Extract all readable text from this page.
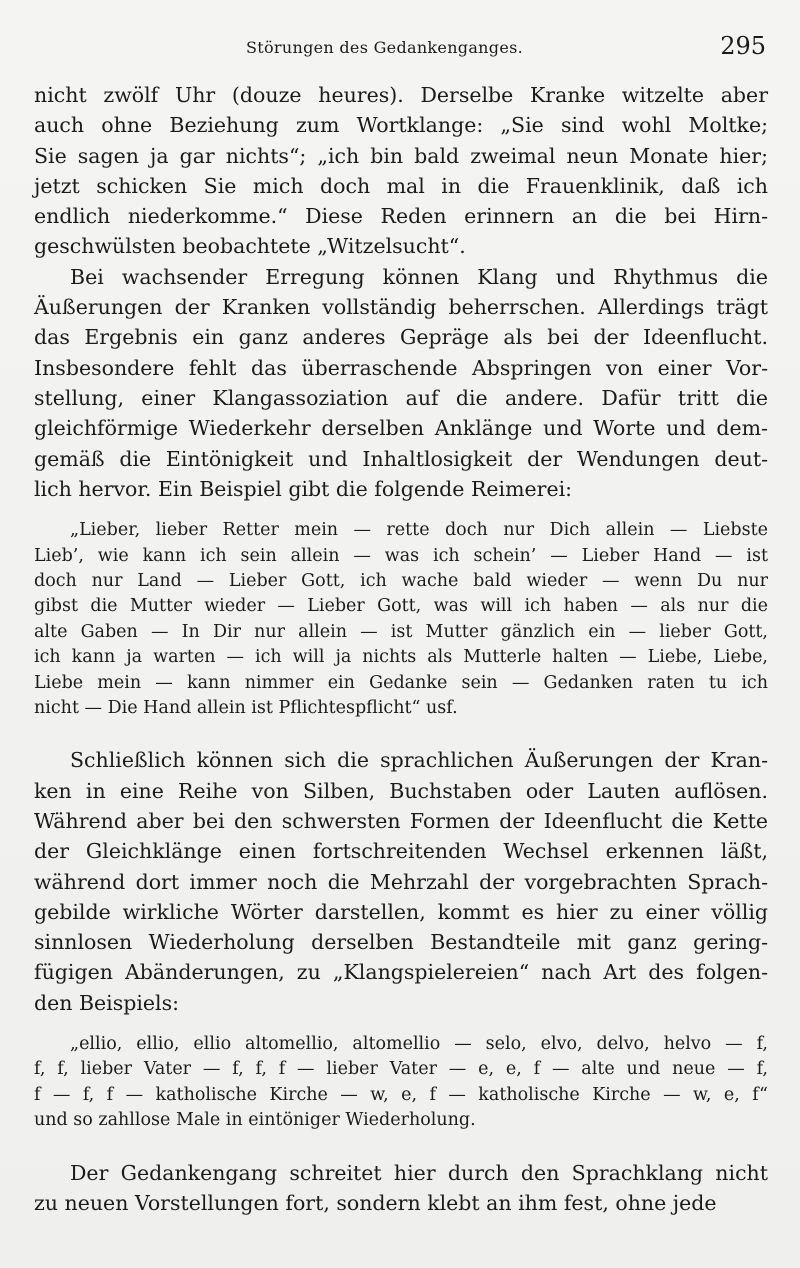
Störungen des Gedankenganges.	295
nicht zwölf Uhr (douze heures). Derselbe Kranke witzelte aber
auch ohne Beziehung zum Wortklange: „Sie sind wohl Moltke;
Sie sagen ja gar nichts“; „ich bin bald zweimal neun Monate hier;
jetzt schicken Sie mich doch mal in die Frauenklinik, daß ich
endlich niederkomme.“ Diese Reden erinnern an die bei Hirn-
geschwülsten beobachtete „Witzelsucht“.
Bei wachsender Erregung können Klang und Rhythmus die
Äußerungen der Kranken vollständig beherrschen. Allerdings trägt
das Ergebnis ein ganz anderes Gepräge als bei der Ideenflucht.
Insbesondere fehlt das überraschende Abspringen von einer Vor-
stellung, einer Klangassoziation auf die andere. Dafür tritt die
gleichförmige Wiederkehr derselben Anklänge und Worte und dem-
gemäß die Eintönigkeit und Inhaltlosigkeit der Wendungen deut-
lich hervor. Ein Beispiel gibt die folgende Reimerei:
„Lieber, lieber Retter mein — rette doch nur Dich allein — Liebste
Lieb’, wie kann ich sein allein — was ich schein’ — Lieber Hand — ist
doch nur Land — Lieber Gott, ich wache bald wieder — wenn Du nur
gibst die Mutter wieder — Lieber Gott, was will ich haben — als nur die
alte Gaben — In Dir nur allein — ist Mutter gänzlich ein — lieber Gott,
ich kann ja warten — ich will ja nichts als Mutterle halten — Liebe, Liebe,
Liebe mein — kann nimmer ein Gedanke sein — Gedanken raten tu ich
nicht — Die Hand allein ist Pflichtespflicht“ usf.
Schließlich können sich die sprachlichen Äußerungen der Kran-
ken in eine Reihe von Silben, Buchstaben oder Lauten auflösen.
Während aber bei den schwersten Formen der Ideenflucht die Kette
der Gleichklänge einen fortschreitenden Wechsel erkennen läßt,
während dort immer noch die Mehrzahl der vorgebrachten Sprach-
gebilde wirkliche Wörter darstellen, kommt es hier zu einer völlig
sinnlosen Wiederholung derselben Bestandteile mit ganz gering-
fügigen Abänderungen, zu „Klangspielereien“ nach Art des folgen-
den Beispiels:
„ellio, ellio, ellio altomellio, altomellio — selo, elvo, delvo, helvo — f,
f, f, lieber Vater — f, f, f — lieber Vater — e, e, f — alte und neue — f,
f — f, f — katholische Kirche — w, e, f — katholische Kirche — w, e, f“
und so zahllose Male in eintöniger Wiederholung.
Der Gedankengang schreitet hier durch den Sprachklang nicht
zu neuen Vorstellungen fort, sondern klebt an ihm fest, ohne jede
